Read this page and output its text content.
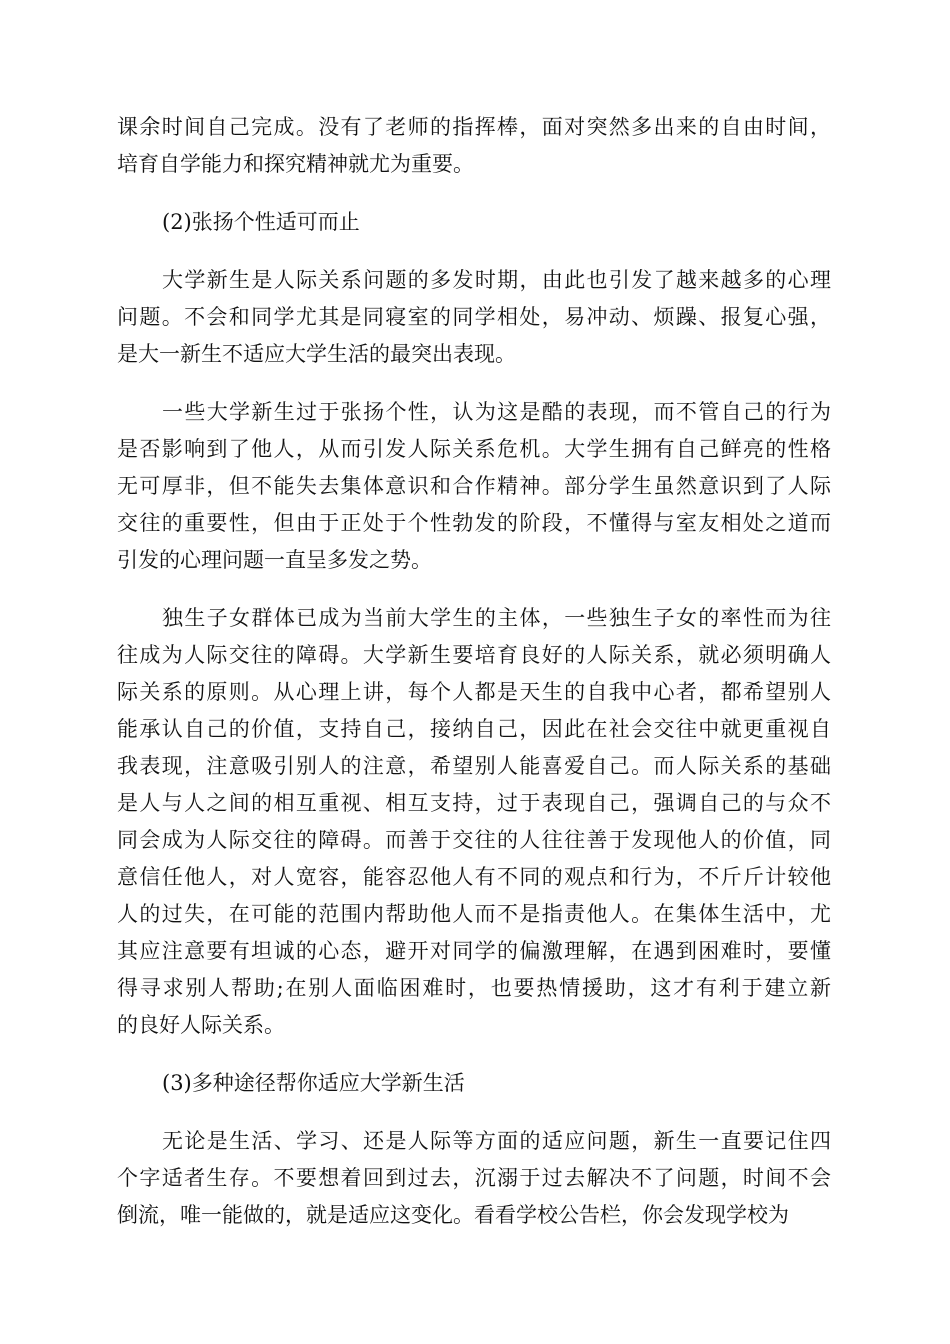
课余时间自己完成。没有了老师的指挥棒，面对突然多出来的自由时间，
培育自学能力和探究精神就尤为重要。
(2)张扬个性适可而止
大学新生是人际关系问题的多发时期，由此也引发了越来越多的心理
问题。不会和同学尤其是同寝室的同学相处，易冲动、烦躁、报复心强，
是大一新生不适应大学生活的最突出表现。
一些大学新生过于张扬个性，认为这是酷的表现，而不管自己的行为
是否影响到了他人，从而引发人际关系危机。大学生拥有自己鲜亮的性格
无可厚非，但不能失去集体意识和合作精神。部分学生虽然意识到了人际
交往的重要性，但由于正处于个性勃发的阶段，不懂得与室友相处之道而
引发的心理问题一直呈多发之势。
独生子女群体已成为当前大学生的主体，一些独生子女的率性而为往
往成为人际交往的障碍。大学新生要培育良好的人际关系，就必须明确人
际关系的原则。从心理上讲，每个人都是天生的自我中心者，都希望别人
能承认自己的价值，支持自己，接纳自己，因此在社会交往中就更重视自
我表现，注意吸引别人的注意，希望别人能喜爱自己。而人际关系的基础
是人与人之间的相互重视、相互支持，过于表现自己，强调自己的与众不
同会成为人际交往的障碍。而善于交往的人往往善于发现他人的价值，同
意信任他人，对人宽容，能容忍他人有不同的观点和行为，不斤斤计较他
人的过失，在可能的范围内帮助他人而不是指责他人。在集体生活中，尤
其应注意要有坦诚的心态，避开对同学的偏激理解，在遇到困难时，要懂
得寻求别人帮助;在别人面临困难时，也要热情援助，这才有利于建立新
的良好人际关系。
(3)多种途径帮你适应大学新生活
无论是生活、学习、还是人际等方面的适应问题，新生一直要记住四
个字适者生存。不要想着回到过去，沉溺于过去解决不了问题，时间不会
倒流，唯一能做的，就是适应这变化。看看学校公告栏，你会发现学校为
